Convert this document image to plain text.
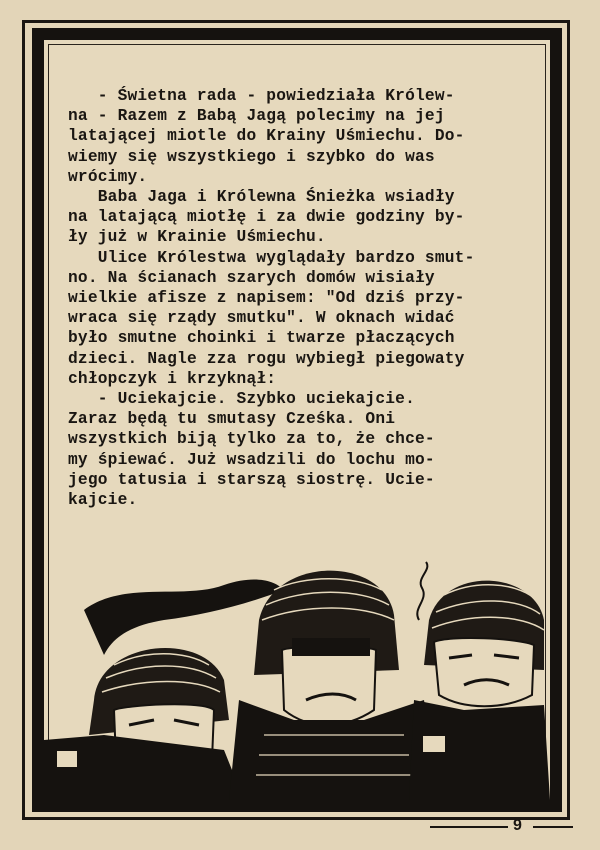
- Świetna rada - powiedziała Królew-

na - Razem z Babą Jagą polecimy na jej

latającej miotle do Krainy Uśmiechu. Do-

wiemy się wszystkiego i szybko do was

wrócimy.

Baba Jaga i Królewna Śnieżka wsiadły

na latającą miotłę i za dwie godziny by-

ły już w Krainie Uśmiechu.

Ulice Królestwa wyglądały bardzo smut-

no. Na ścianach szarych domów wisiały

wielkie afisze z napisem: "Od dziś przy-

wraca się rządy smutku". W oknach widać

było smutne choinki i twarze płaczących

dzieci. Nagle zza rogu wybiegł piegowaty

chłopczyk i krzyknął:

- Uciekajcie. Szybko uciekajcie.

Zaraz będą tu smutasy Cześka. Oni

wszystkich biją tylko za to, że chce-

my śpiewać. Już wsadzili do lochu mo-

jego tatusia i starszą siostrę. Ucie-

kajcie.

9
